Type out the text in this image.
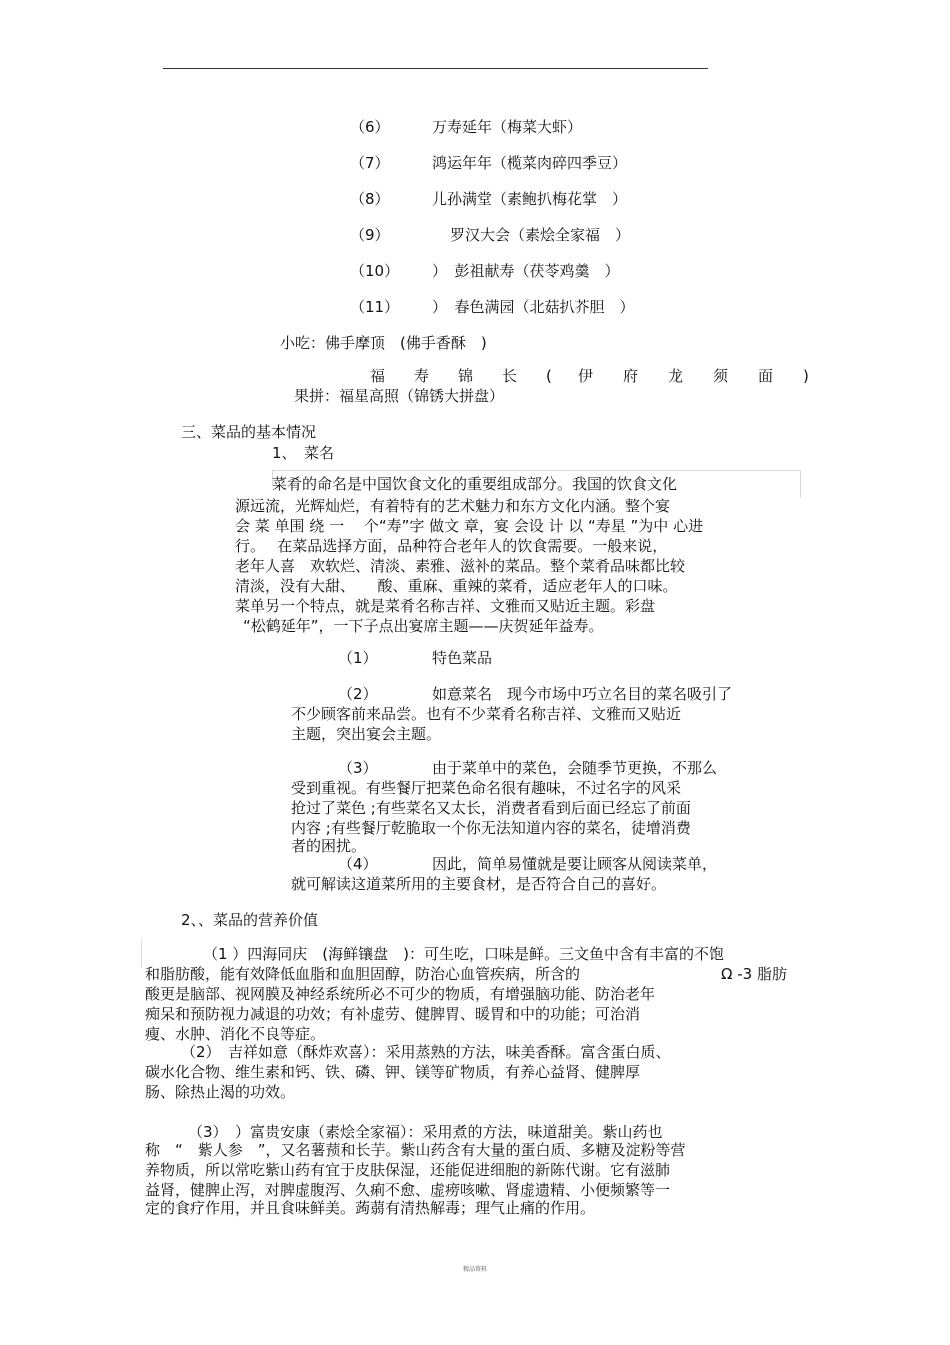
（6）	万寿延年（梅菜大虾）
（7）	鸿运年年（榄菜肉碎四季豆）
（8）	儿孙满堂（素鲍扒梅花掌　）
（9）	罗汉大会（素烩全家福　）
（10） ）　彭祖献寿（茯苓鸡羹　）
（11） ）　春色满园（北菇扒芥胆　）
小吃：佛手摩顶　(佛手香酥　)
福 寿 锦 长 ( 伊 府 龙 须 面 )
果拼：福星高照（锦锈大拼盘）
三、菜品的基本情况
1、　菜名
菜肴的命名是中国饮食文化的重要组成部分。我国的饮食文化
源远流，光辉灿烂，有着特有的艺术魅力和东方文化内涵。整个宴
会 菜 单围 绕 一　 个“寿”字 做文 章，宴 会设 计 以 “寿星 ”为中 心进
行。　 在菜品选择方面，品种符合老年人的饮食需要。一般来说，
老年人喜　欢软烂、清淡、素雅、滋补的菜品。整个菜肴品味都比较
清淡，没有大甜、　　酸、重麻、重辣的菜肴，适应老年人的口味。
菜单另一个特点，就是菜肴名称吉祥、文雅而又贴近主题。彩盘
“松鹤延年”，一下子点出宴席主题——庆贺延年益寿。
（1）	特色菜品
（2）	如意菜名　现今市场中巧立名目的菜名吸引了
不少顾客前来品尝。也有不少菜肴名称吉祥、文雅而又贴近
主题，突出宴会主题。
（3）	由于菜单中的菜色，会随季节更换，不那么
受到重视。有些餐厅把菜色命名很有趣味，不过名字的风采
抢过了菜色 ;有些菜名又太长，消费者看到后面已经忘了前面
内容 ;有些餐厅乾脆取一个你无法知道内容的菜名，徒增消费
者的困扰。
（4）	因此，简单易懂就是要让顾客从阅读菜单，
就可解读这道菜所用的主要食材，是否符合自己的喜好。
2、、菜品的营养价值
（1 ）四海同庆　(海鲜镶盘　)：可生吃，口味是鲜。三文鱼中含有丰富的不饱
和脂肪酸，能有效降低血脂和血胆固醇，防治心血管疾病，所含的	Ω -3 脂肪
酸更是脑部、视网膜及神经系统所必不可少的物质，有增强脑功能、防治老年
痴呆和预防视力减退的功效；有补虚劳、健脾胃、暖胃和中的功能；可治消
瘦、水肿、消化不良等症。
（2）　吉祥如意（酥炸欢喜）：采用蒸熟的方法，味美香酥。富含蛋白质、
碳水化合物、维生素和钙、铁、磷、钾、镁等矿物质，有养心益肾、健脾厚
肠、除热止渴的功效。
（3）　）富贵安康（素烩全家福）：采用煮的方法，味道甜美。紫山药也
称　“　紫人参　”，又名薯蓣和长芋。紫山药含有大量的蛋白质、多糖及淀粉等营
养物质，所以常吃紫山药有宜于皮肤保湿，还能促进细胞的新陈代谢。它有滋肺
益肾，健脾止泻，对脾虚腹泻、久痢不愈、虚痨咳嗽、肾虚遗精、小便频繁等一
定的食疗作用，并且食味鲜美。蒟蒻有清热解毒；理气止痛的作用。
精品资料
